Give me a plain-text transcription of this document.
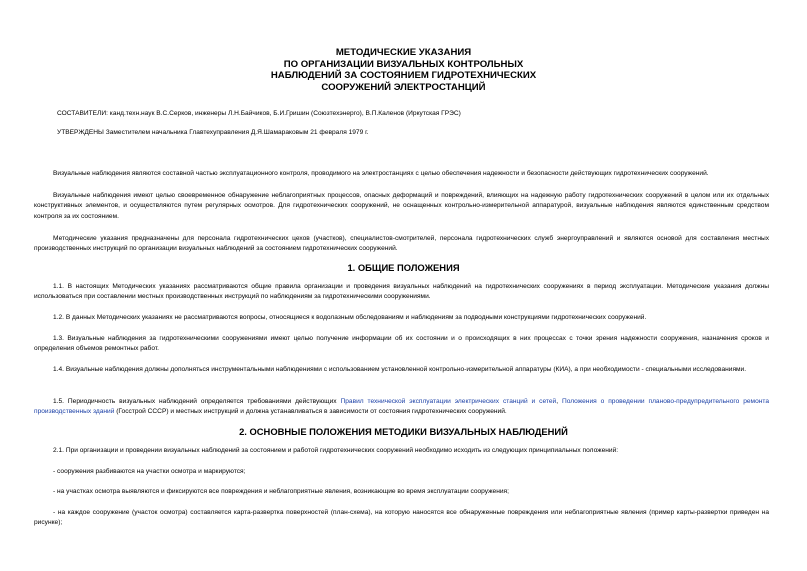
МЕТОДИЧЕСКИЕ УКАЗАНИЯ
ПО ОРГАНИЗАЦИИ ВИЗУАЛЬНЫХ КОНТРОЛЬНЫХ
НАБЛЮДЕНИЙ ЗА СОСТОЯНИЕМ ГИДРОТЕХНИЧЕСКИХ
СООРУЖЕНИЙ ЭЛЕКТРОСТАНЦИЙ
СОСТАВИТЕЛИ: канд.техн.наук В.С.Серков, инженеры Л.Н.Байчиков, Б.И.Гришин (Союзтехэнерго), В.П.Каленов (Иркутская ГРЭС)
УТВЕРЖДЕНЫ Заместителем начальника Главтехуправления Д.Я.Шамараковым 21 февраля 1979 г.
Визуальные наблюдения являются составной частью эксплуатационного контроля, проводимого на электростанциях с целью обеспечения надежности и безопасности действующих гидротехнических сооружений.
Визуальные наблюдения имеют целью своевременное обнаружение неблагоприятных процессов, опасных деформаций и повреждений, влияющих на надежную работу гидротехнических сооружений в целом или их отдельных конструктивных элементов, и осуществляются путем регулярных осмотров. Для гидротехнических сооружений, не оснащенных контрольно-измерительной аппаратурой, визуальные наблюдения являются единственным средством контроля за их состоянием.
Методические указания предназначены для персонала гидротехнических цехов (участков), специалистов-смотрителей, персонала гидротехнических служб энергоуправлений и являются основой для составления местных производственных инструкций по организации визуальных наблюдений за состоянием гидротехнических сооружений.
1. ОБЩИЕ ПОЛОЖЕНИЯ
1.1. В настоящих Методических указаниях рассматриваются общие правила организации и проведения визуальных наблюдений на гидротехнических сооружениях в период эксплуатации. Методические указания должны использоваться при составлении местных производственных инструкций по наблюдениям за гидротехническими сооружениями.
1.2. В данных Методических указаниях не рассматриваются вопросы, относящиеся к водолазным обследованиям и наблюдениям за подводными конструкциями гидротехнических сооружений.
1.3. Визуальные наблюдения за гидротехническими сооружениями имеют целью получение информации об их состоянии и о происходящих в них процессах с точки зрения надежности сооружения, назначения сроков и определения объемов ремонтных работ.
1.4. Визуальные наблюдения должны дополняться инструментальными наблюдениями с использованием установленной контрольно-измерительной аппаратуры (КИА), а при необходимости - специальными исследованиями.
1.5. Периодичность визуальных наблюдений определяется требованиями действующих Правил технической эксплуатации электрических станций и сетей, Положения о проведении планово-предупредительного ремонта производственных зданий (Госстрой СССР) и местных инструкций и должна устанавливаться в зависимости от состояния гидротехнических сооружений.
2. ОСНОВНЫЕ ПОЛОЖЕНИЯ МЕТОДИКИ ВИЗУАЛЬНЫХ НАБЛЮДЕНИЙ
2.1. При организации и проведении визуальных наблюдений за состоянием и работой гидротехнических сооружений необходимо исходить из следующих принципиальных положений:
- сооружения разбиваются на участки осмотра и маркируются;
- на участках осмотра выявляются и фиксируются все повреждения и неблагоприятные явления, возникающие во время эксплуатации сооружения;
- на каждое сооружение (участок осмотра) составляется карта-развертка поверхностей (план-схема), на которую наносятся все обнаруженные повреждения или неблагоприятные явления (пример карты-развертки приведен на рисунке);
